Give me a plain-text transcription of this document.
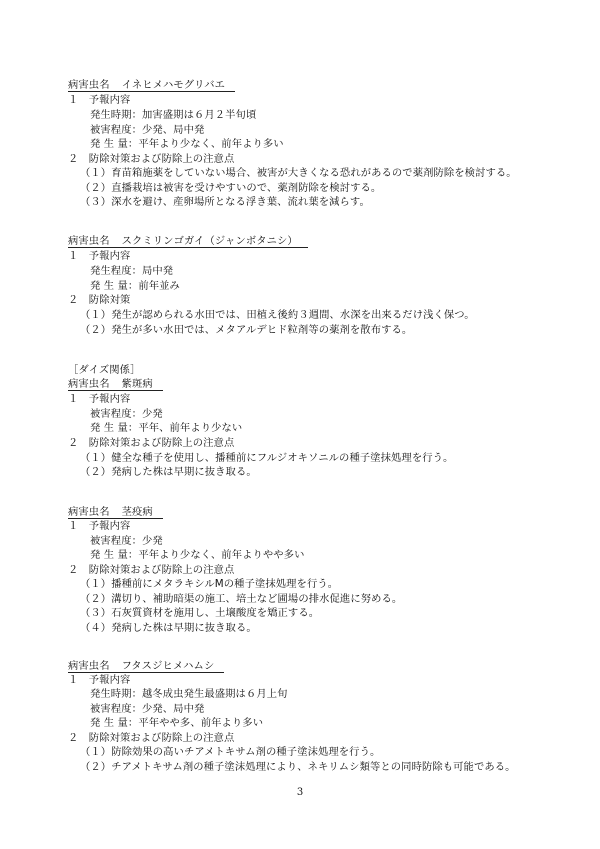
病害虫名 イネヒメハモグリバエ
１　予報内容
発生時期：加害盛期は６月２半旬頃
被害程度：少発、局中発
発 生 量：平年より少なく、前年より多い
２　防除対策および防除上の注意点
（１）育苗箱施薬をしていない場合、被害が大きくなる恐れがあるので薬剤防除を検討する。
（２）直播栽培は被害を受けやすいので、薬剤防除を検討する。
（３）深水を避け、産卵場所となる浮き葉、流れ葉を減らす。
病害虫名 スクミリンゴガイ（ジャンボタニシ）
１　予報内容
発生程度：局中発
発 生 量：前年並み
２　防除対策
（１）発生が認められる水田では、田植え後約３週間、水深を出来るだけ浅く保つ。
（２）発生が多い水田では、メタアルデヒド粒剤等の薬剤を散布する。
［ダイズ関係］
病害虫名 紫斑病
１　予報内容
被害程度：少発
発 生 量：平年、前年より少ない
２　防除対策および防除上の注意点
（１）健全な種子を使用し、播種前にフルジオキソニルの種子塗抹処理を行う。
（２）発病した株は早期に抜き取る。
病害虫名 茎疫病
１　予報内容
被害程度：少発
発 生 量：平年より少なく、前年よりやや多い
２　防除対策および防除上の注意点
（１）播種前にメタラキシルMの種子塗抹処理を行う。
（２）溝切り、補助暗渠の施工、培土など圃場の排水促進に努める。
（３）石灰質資材を施用し、土壌酸度を矯正する。
（４）発病した株は早期に抜き取る。
病害虫名 フタスジヒメハムシ
１　予報内容
発生時期：越冬成虫発生最盛期は６月上旬
被害程度：少発、局中発
発 生 量：平年やや多、前年より多い
２　防除対策および防除上の注意点
（１）防除効果の高いチアメトキサム剤の種子塗沫処理を行う。
（２）チアメトキサム剤の種子塗沫処理により、ネキリムシ類等との同時防除も可能である。
3
